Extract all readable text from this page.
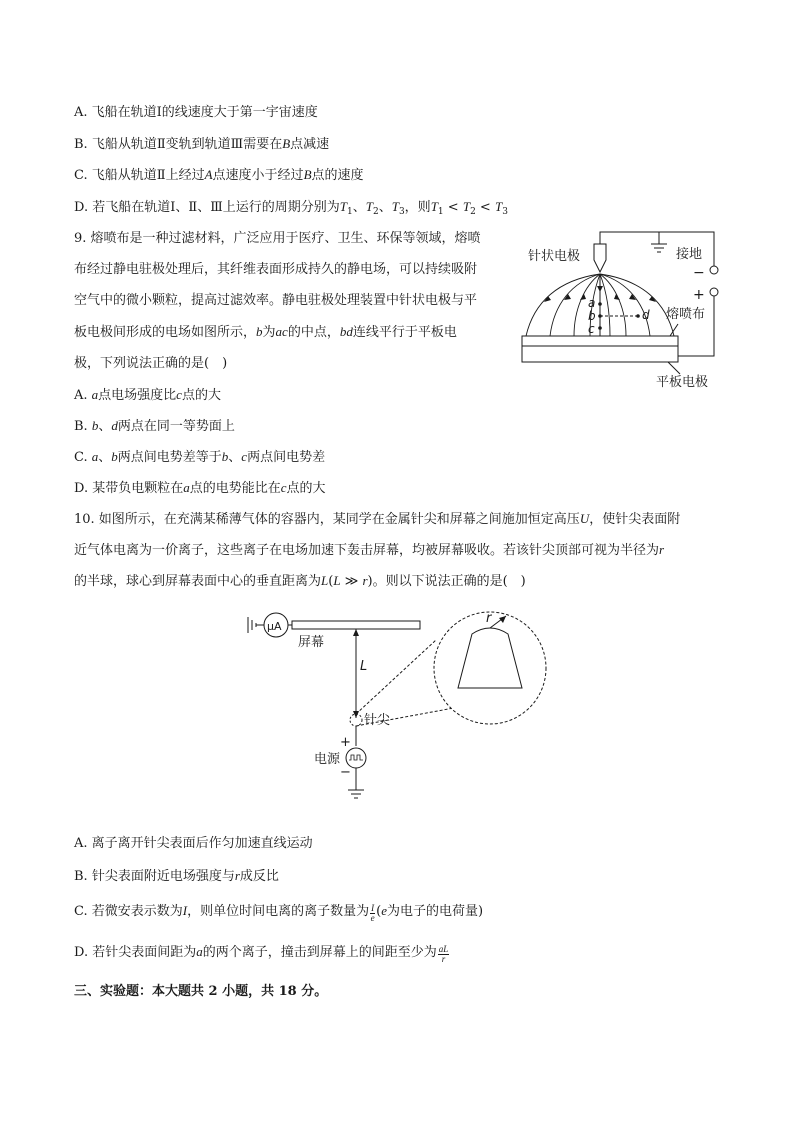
A. 飞船在轨道Ⅰ的线速度大于第一宇宙速度
B. 飞船从轨道Ⅱ变轨到轨道Ⅲ需要在B点减速
C. 飞船从轨道Ⅱ上经过A点速度小于经过B点的速度
D. 若飞船在轨道Ⅰ、Ⅱ、Ⅲ上运行的周期分别为$T_1$、$T_2$、$T_3$，则$T_1 < T_2 < T_3$
9. 熔喷布是一种过滤材料，广泛应用于医疗、卫生、环保等领域，熔喷
布经过静电驻极处理后，其纤维表面形成持久的静电场，可以持续吸附
空气中的微小颗粒，提高过滤效率。静电驻极处理装置中针状电极与平
板电极间形成的电场如图所示，b为ac的中点，bd连线平行于平板电
极，下列说法正确的是(　)
A. a点电场强度比c点的大
B. b、d两点在同一等势面上
C. a、b两点间电势差等于b、c两点间电势差
D. 某带负电颗粒在a点的电势能比在c点的大
接地
−
+
针状电极
a
b
c
d 熔喷布
平板电极
10. 如图所示，在充满某稀薄气体的容器内，某同学在金属针尖和屏幕之间施加恒定高压U，使针尖表面附
近气体电离为一价离子，这些离子在电场加速下轰击屏幕，均被屏幕吸收。若该针尖顶部可视为半径为r
的半球，球心到屏幕表面中心的垂直距离为L(L ≫ r)。则以下说法正确的是(　)
μA
屏幕
L
r
针尖
+
电源
−
A. 离子离开针尖表面后作匀加速直线运动
B. 针尖表面附近电场强度与r成反比
C. 若微安表示数为I，则单位时间电离的离子数量为 $\frac{I}{e} (e$为电子的电荷量)
D. 若针尖表面间距为a的两个离子，撞击到屏幕上的间距至少为 $\frac{aL}{r}$
三、实验题：本大题共 2 小题，共 18 分。
